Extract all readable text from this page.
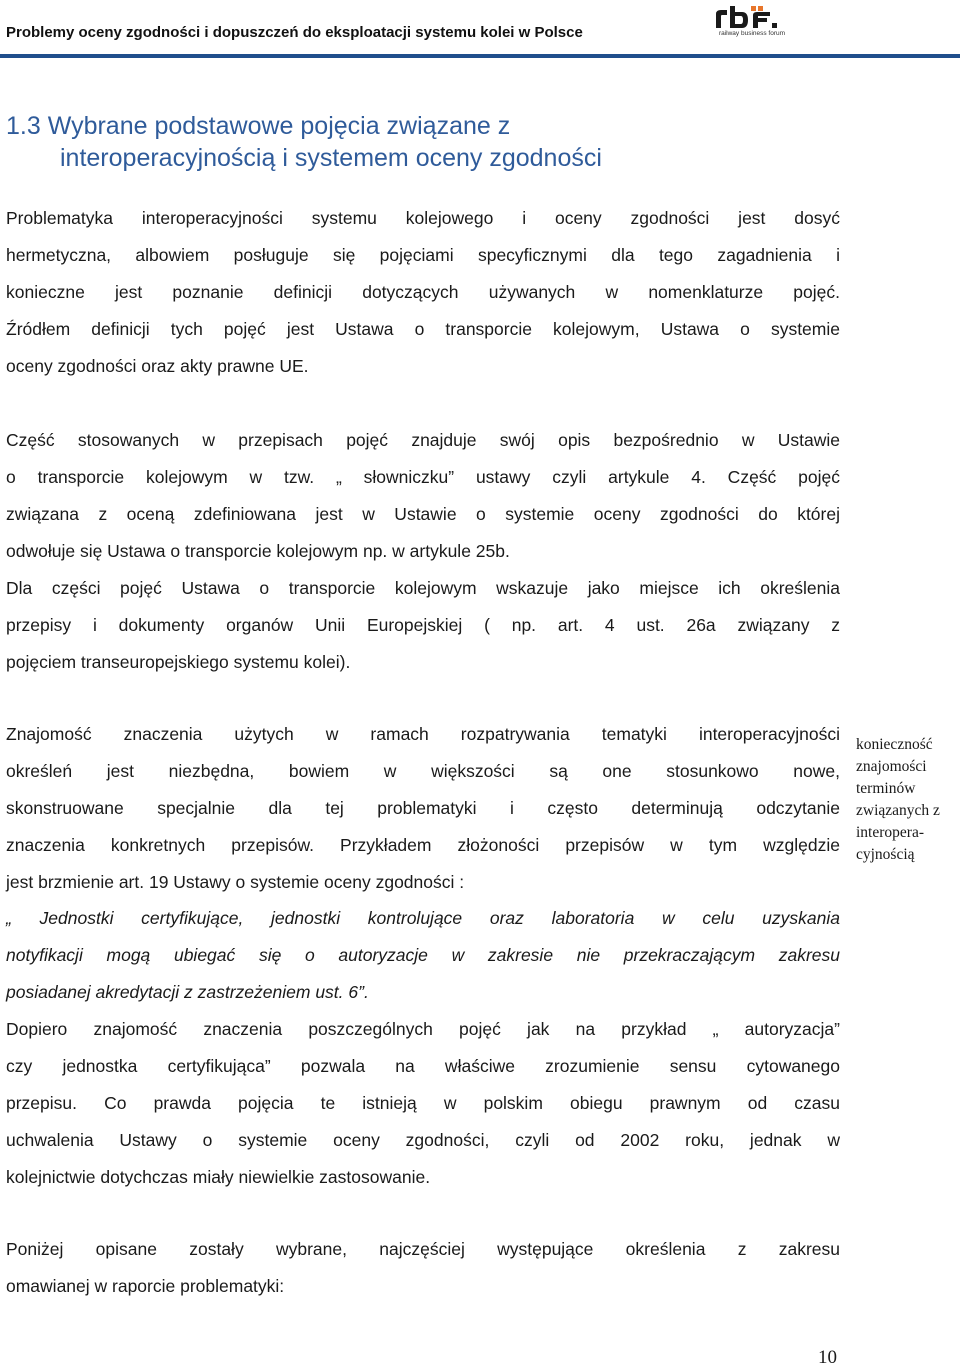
Problemy oceny zgodności i dopuszczeń do eksploatacji systemu kolei w Polsce	railway business forum
1.3 Wybrane podstawowe pojęcia związane z
interoperacyjnością i systemem oceny zgodności

Problematyka interoperacyjności systemu kolejowego i oceny zgodności jest dosyć
hermetyczna, albowiem posługuje się pojęciami specyficznymi dla tego zagadnienia i
konieczne jest poznanie definicji dotyczących używanych w nomenklaturze pojęć.
Źródłem definicji tych pojęć jest Ustawa o transporcie kolejowym, Ustawa o systemie
oceny zgodności oraz akty prawne UE.

Część stosowanych w przepisach pojęć znajduje swój opis bezpośrednio w Ustawie
o transporcie kolejowym w tzw. „ słowniczku” ustawy czyli artykule 4. Część pojęć
związana z oceną zdefiniowana jest w Ustawie o systemie oceny zgodności do której
odwołuje się Ustawa o transporcie kolejowym np. w artykule 25b.

Dla części pojęć Ustawa o transporcie kolejowym wskazuje jako miejsce ich określenia
przepisy i dokumenty organów Unii Europejskiej ( np. art. 4 ust. 26a związany z
pojęciem transeuropejskiego systemu kolei).

Znajomość znaczenia użytych w ramach rozpatrywania tematyki interoperacyjności
określeń jest niezbędna, bowiem w większości są one stosunkowo nowe,
skonstruowane specjalnie dla tej problematyki i często determinują odczytanie
znaczenia konkretnych przepisów. Przykładem złożoności przepisów w tym względzie
jest brzmienie art. 19 Ustawy o systemie oceny zgodności :

„ Jednostki certyfikujące, jednostki kontrolujące oraz laboratoria w celu uzyskania
notyfikacji mogą ubiegać się o autoryzacje w zakresie nie przekraczającym zakresu
posiadanej akredytacji z zastrzeżeniem ust. 6”.

Dopiero znajomość znaczenia poszczególnych pojęć jak na przykład „ autoryzacja”
czy jednostka certyfikująca” pozwala na właściwe zrozumienie sensu cytowanego
przepisu. Co prawda pojęcia te istnieją w polskim obiegu prawnym od czasu
uchwalenia Ustawy o systemie oceny zgodności, czyli od 2002 roku, jednak w
kolejnictwie dotychczas miały niewielkie zastosowanie.

Poniżej opisane zostały wybrane, najczęściej występujące określenia z zakresu
omawianej w raporcie problematyki:

konieczność
znajomości
terminów
związanych z
interopera-
cyjnością
10
